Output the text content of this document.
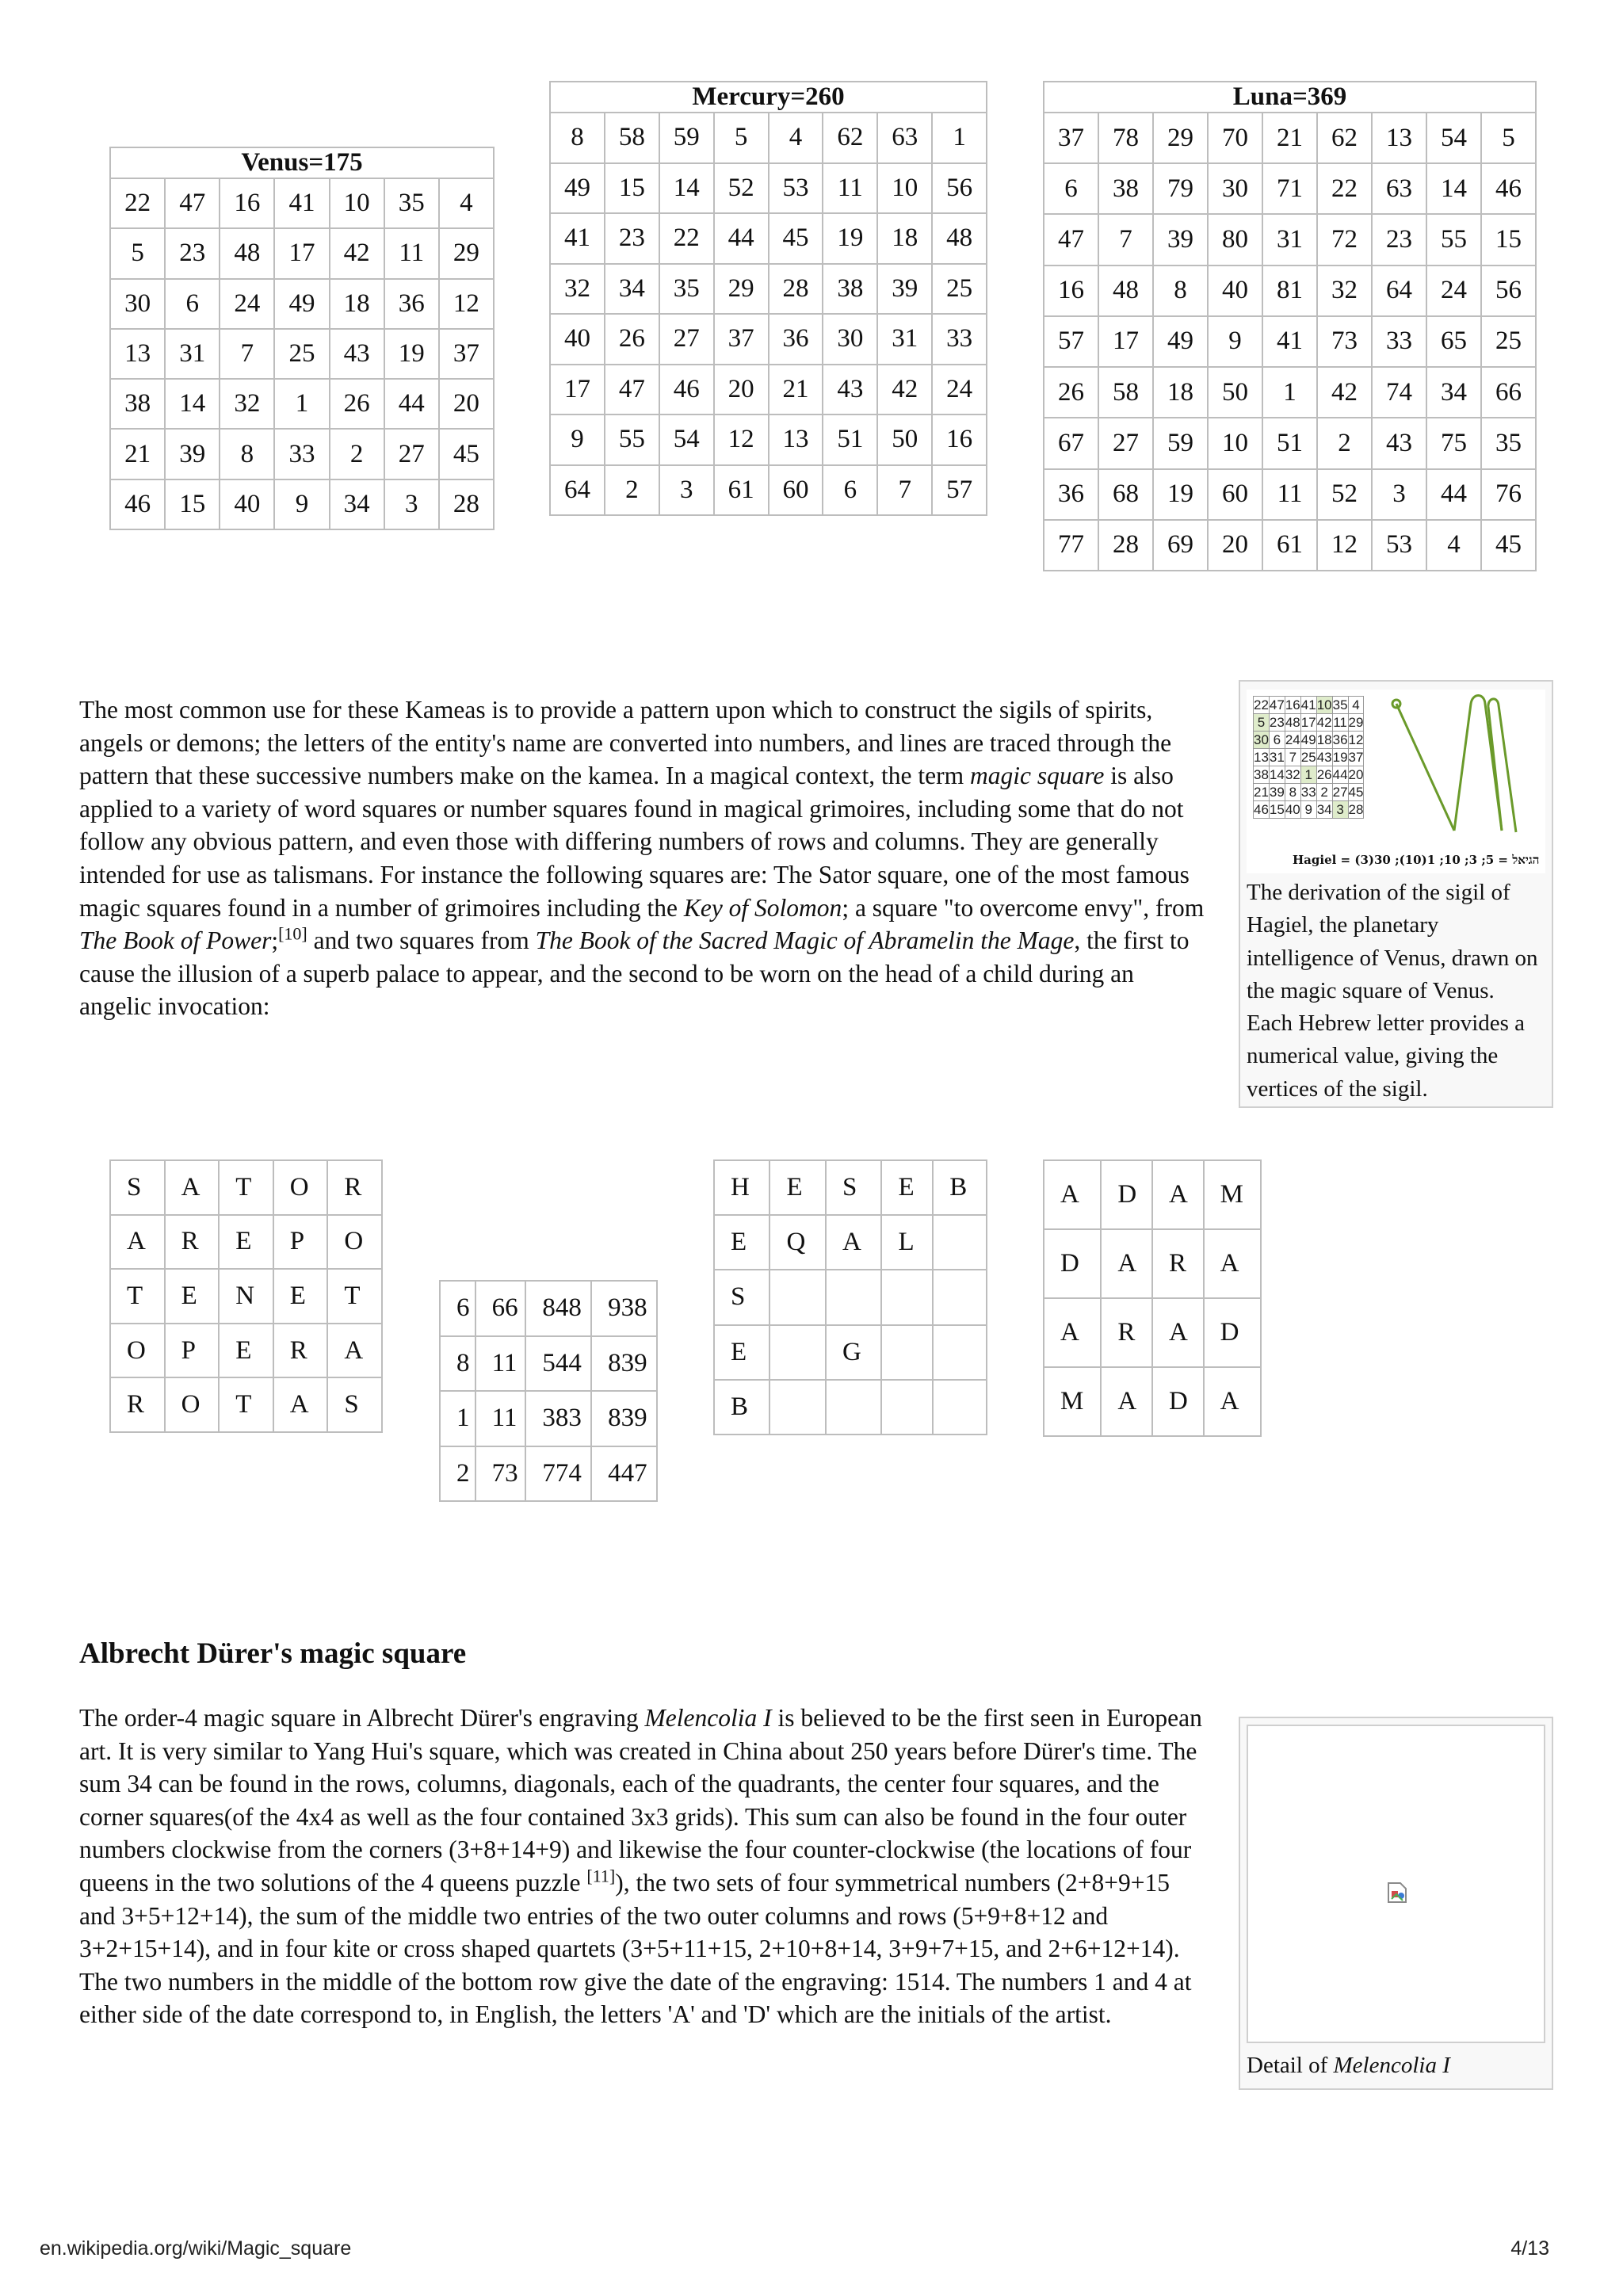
Venus=175						
22	47	16	41	10	35	4
5	23	48	17	42	11	29
30	6	24	49	18	36	12
13	31	7	25	43	19	37
38	14	32	1	26	44	20
21	39	8	33	2	27	45
46	15	40	9	34	3	28
Mercury=260							
8	58	59	5	4	62	63	1
49	15	14	52	53	11	10	56
41	23	22	44	45	19	18	48
32	34	35	29	28	38	39	25
40	26	27	37	36	30	31	33
17	47	46	20	21	43	42	24
9	55	54	12	13	51	50	16
64	2	3	61	60	6	7	57
Luna=369								
37	78	29	70	21	62	13	54	5
6	38	79	30	71	22	63	14	46
47	7	39	80	31	72	23	55	15
16	48	8	40	81	32	64	24	56
57	17	49	9	41	73	33	65	25
26	58	18	50	1	42	74	34	66
67	27	59	10	51	2	43	75	35
36	68	19	60	11	52	3	44	76
77	28	69	20	61	12	53	4	45

The most common use for these Kameas is to provide a pattern upon which to construct the sigils of spirits, angels or demons; the letters of the entity's name are converted into numbers, and lines are traced through the pattern that these successive numbers make on the kamea. In a magical context, the term magic square is also applied to a variety of word squares or number squares found in magical grimoires, including some that do not follow any obvious pattern, and even those with differing numbers of rows and columns. They are generally intended for use as talismans. For instance the following squares are: The Sator square, one of the most famous magic squares found in a number of grimoires including the Key of Solomon; a square "to overcome envy", from The Book of Power;[10] and two squares from The Book of the Sacred Magic of Abramelin the Mage, the first to cause the illusion of a superb palace to appear, and the second to be worn on the head of a child during an angelic invocation:

22	47	16	41	10	35	4
5	23	48	17	42	11	29
30	6	24	49	18	36	12
13	31	7	25	43	19	37
38	14	32	1	26	44	20
21	39	8	33	2	27	45
46	15	40	9	34	3	28
Hagiel = הגיאל = 5; 3; 10; 1(10); 30(3)
The derivation of the sigil of Hagiel, the planetary intelligence of Venus, drawn on the magic square of Venus. Each Hebrew letter provides a numerical value, giving the vertices of the sigil.
S	A	T	O	R
A	R	E	P	O
T	E	N	E	T
O	P	E	R	A
R	O	T	A	S
6	66	848	938
8	11	544	839
1	11	383	839
2	73	774	447
H	E	S	E	B
E	Q	A	L	
S				
E		G		
B				
A	D	A	M
D	A	R	A
A	R	A	D
M	A	D	A
Albrecht Dürer's magic square

The order-4 magic square in Albrecht Dürer's engraving Melencolia I is believed to be the first seen in European art. It is very similar to Yang Hui's square, which was created in China about 250 years before Dürer's time. The sum 34 can be found in the rows, columns, diagonals, each of the quadrants, the center four squares, and the corner squares(of the 4x4 as well as the four contained 3x3 grids). This sum can also be found in the four outer numbers clockwise from the corners (3+8+14+9) and likewise the four counter-clockwise (the locations of four queens in the two solutions of the 4 queens puzzle [11]), the two sets of four symmetrical numbers (2+8+9+15 and 3+5+12+14), the sum of the middle two entries of the two outer columns and rows (5+9+8+12 and 3+2+15+14), and in four kite or cross shaped quartets (3+5+11+15, 2+10+8+14, 3+9+7+15, and 2+6+12+14). The two numbers in the middle of the bottom row give the date of the engraving: 1514. The numbers 1 and 4 at either side of the date correspond to, in English, the letters 'A' and 'D' which are the initials of the artist.

Detail of Melencolia I
en.wikipedia.org/wiki/Magic_square	4/13
